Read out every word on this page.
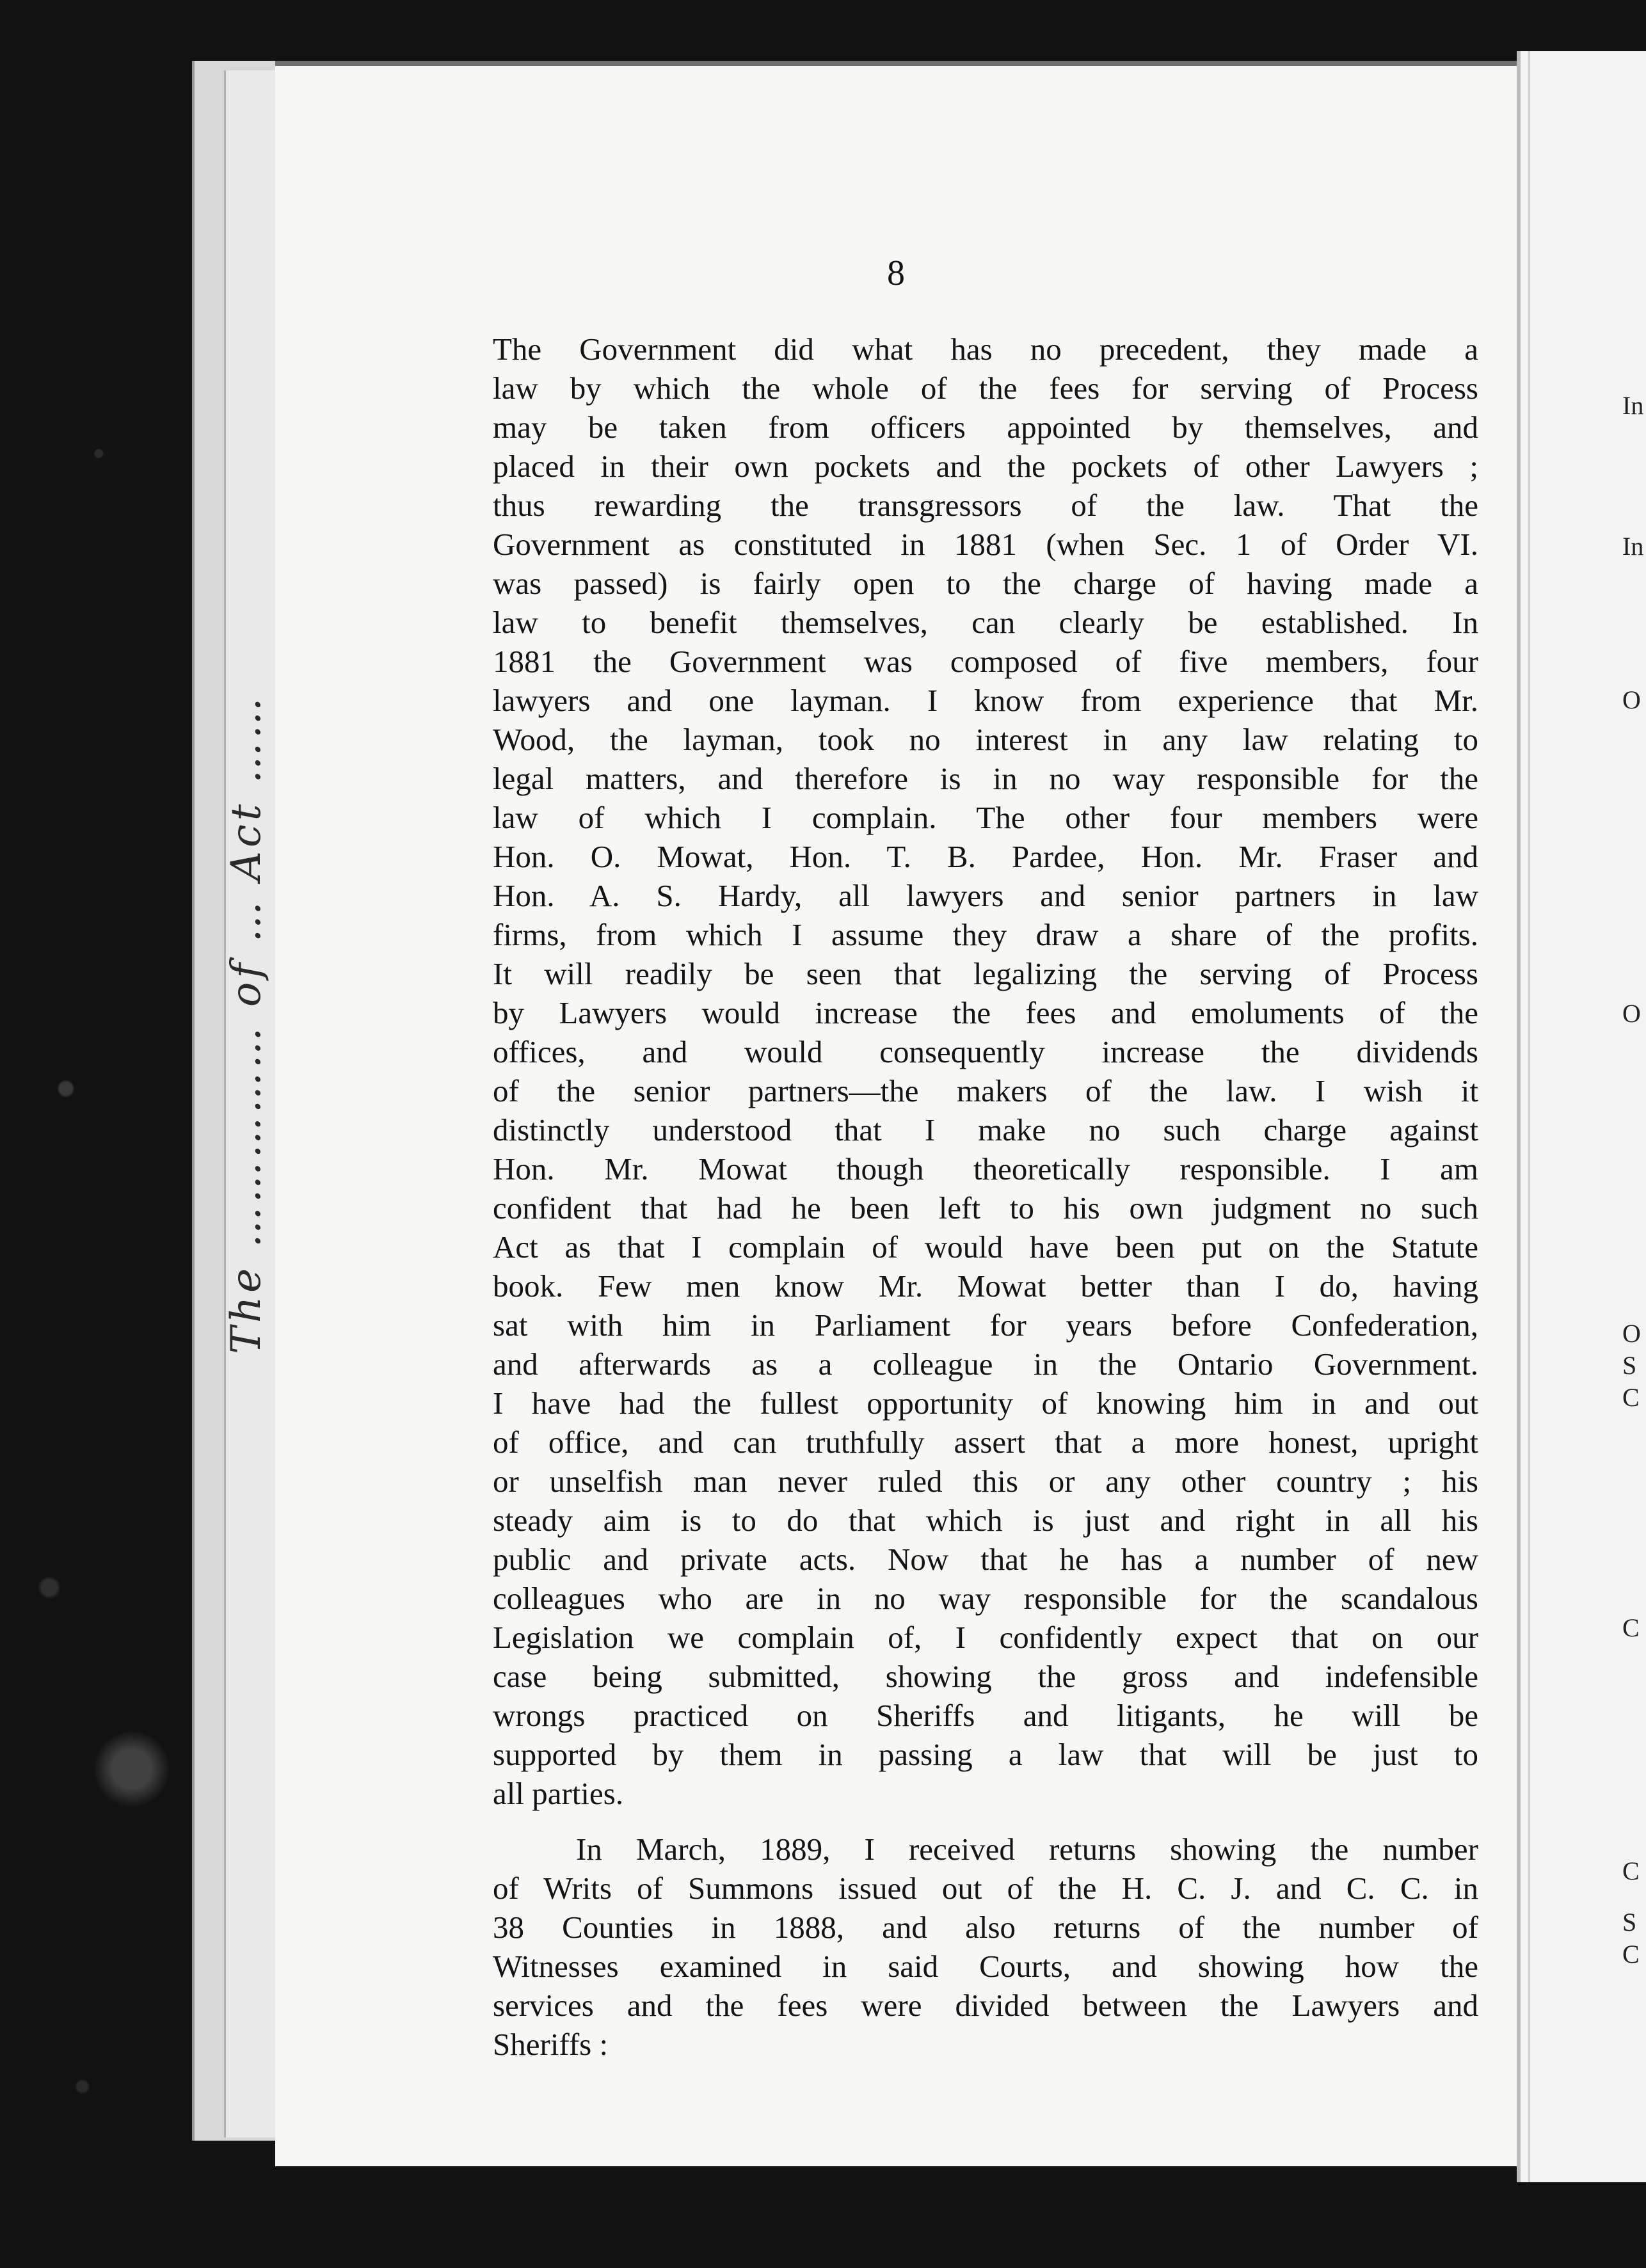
The …………… of … Act ……
In
In
O
O
O
S
C
C
C
S
C
8

The Government did what has no precedent, they made a
law by which the whole of the fees for serving of Process
may be taken from officers appointed by themselves, and
placed in their own pockets and the pockets of other Lawyers ;
thus rewarding the transgressors of the law. That the
Government as constituted in 1881 (when Sec. 1 of Order VI.
was passed) is fairly open to the charge of having made a
law to benefit themselves, can clearly be established. In
1881 the Government was composed of five members, four
lawyers and one layman. I know from experience that Mr.
Wood, the layman, took no interest in any law relating to
legal matters, and therefore is in no way responsible for the
law of which I complain. The other four members were
Hon. O. Mowat, Hon. T. B. Pardee, Hon. Mr. Fraser and
Hon. A. S. Hardy, all lawyers and senior partners in law
firms, from which I assume they draw a share of the profits.
It will readily be seen that legalizing the serving of Process
by Lawyers would increase the fees and emoluments of the
offices, and would consequently increase the dividends
of the senior partners—the makers of the law. I wish it
distinctly understood that I make no such charge against
Hon. Mr. Mowat though theoretically responsible. I am
confident that had he been left to his own judgment no such
Act as that I complain of would have been put on the Statute
book. Few men know Mr. Mowat better than I do, having
sat with him in Parliament for years before Confederation,
and afterwards as a colleague in the Ontario Government.
I have had the fullest opportunity of knowing him in and out
of office, and can truthfully assert that a more honest, upright
or unselfish man never ruled this or any other country ; his
steady aim is to do that which is just and right in all his
public and private acts. Now that he has a number of new
colleagues who are in no way responsible for the scandalous
Legislation we complain of, I confidently expect that on our
case being submitted, showing the gross and indefensible
wrongs practiced on Sheriffs and litigants, he will be
supported by them in passing a law that will be just to
all parties.

In March, 1889, I received returns showing the number
of Writs of Summons issued out of the H. C. J. and C. C. in
38 Counties in 1888, and also returns of the number of
Witnesses examined in said Courts, and showing how the
services and the fees were divided between the Lawyers and
Sheriffs :
